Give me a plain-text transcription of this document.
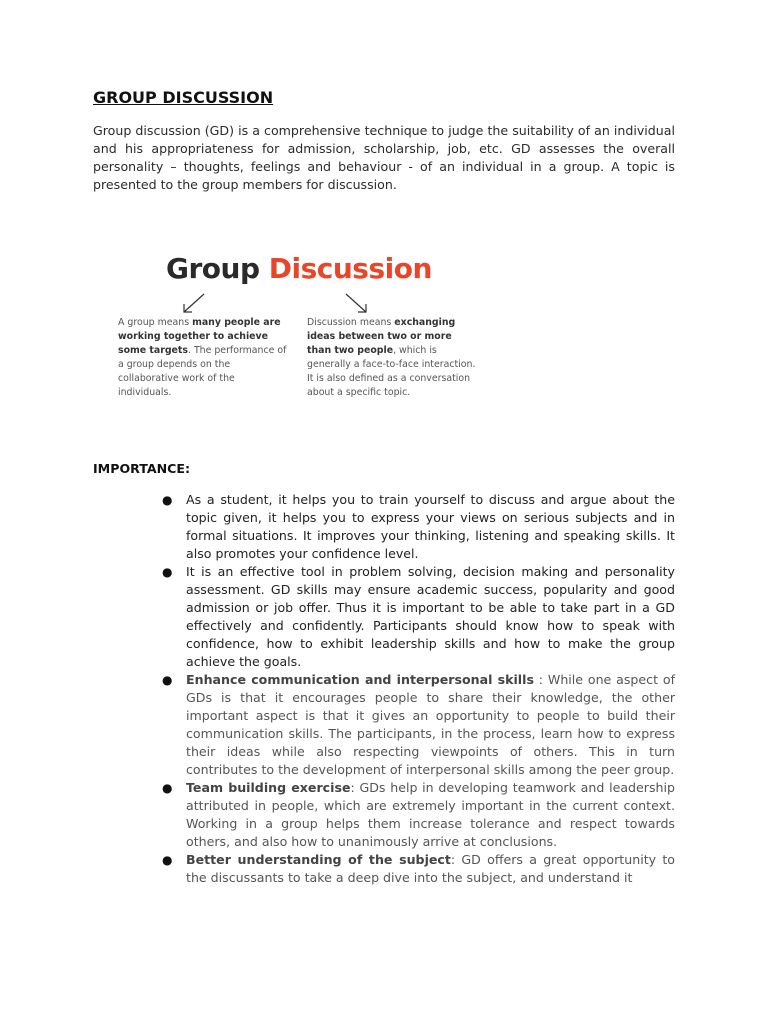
GROUP DISCUSSION

Group discussion (GD) is a comprehensive technique to judge the suitability of an individual and his appropriateness for admission, scholarship, job, etc. GD assesses the overall personality – thoughts, feelings and behaviour - of an individual in a group. A topic is presented to the group members for discussion.

Group Discussion
A group means many people are working together to achieve some targets. The performance of a group depends on the collaborative work of the individuals.
Discussion means exchanging ideas between two or more than two people, which is generally a face-to-face interaction. It is also defined as a conversation about a specific topic.
IMPORTANCE:
● As a student, it helps you to train yourself to discuss and argue about the topic given, it helps you to express your views on serious subjects and in formal situations. It improves your thinking, listening and speaking skills. It also promotes your confidence level.
● It is an effective tool in problem solving, decision making and personality assessment. GD skills may ensure academic success, popularity and good admission or job offer. Thus it is important to be able to take part in a GD effectively and confidently. Participants should know how to speak with confidence, how to exhibit leadership skills and how to make the group achieve the goals.
● Enhance communication and interpersonal skills : While one aspect of GDs is that it encourages people to share their knowledge, the other important aspect is that it gives an opportunity to people to build their communication skills. The participants, in the process, learn how to express their ideas while also respecting viewpoints of others. This in turn contributes to the development of interpersonal skills among the peer group.
● Team building exercise: GDs help in developing teamwork and leadership attributed in people, which are extremely important in the current context. Working in a group helps them increase tolerance and respect towards others, and also how to unanimously arrive at conclusions.
● Better understanding of the subject: GD offers a great opportunity to the discussants to take a deep dive into the subject, and understand it
